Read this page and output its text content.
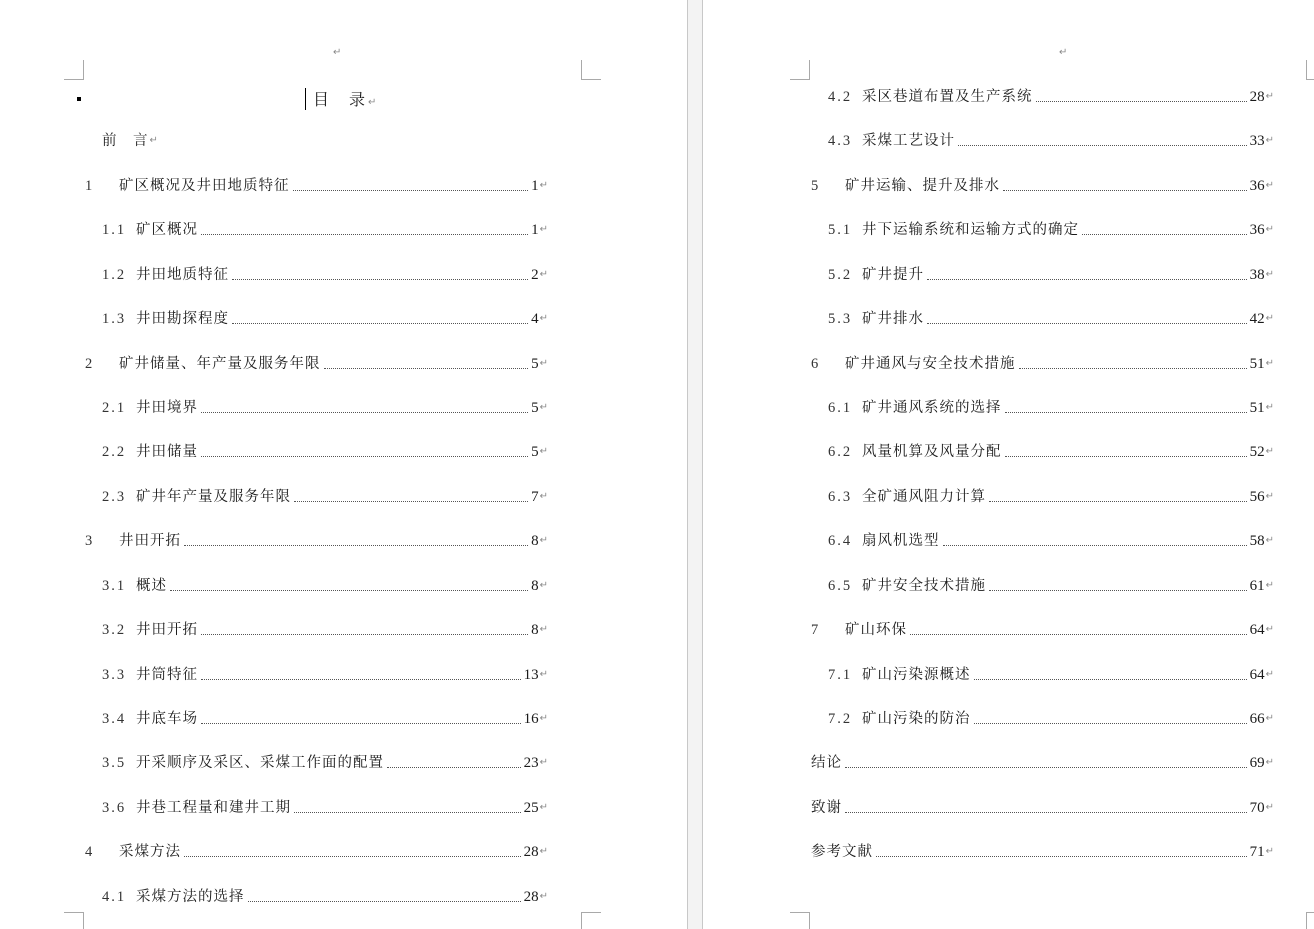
↵
目 录↵
前　言 ↵
1	矿区概况及井田地质特征	1 ↵
1.1 矿区概况	1 ↵
1.2 井田地质特征	2 ↵
1.3 井田勘探程度	4 ↵
2	矿井储量、年产量及服务年限	5 ↵
2.1 井田境界	5 ↵
2.2 井田储量	5 ↵
2.3 矿井年产量及服务年限	7 ↵
3	井田开拓	8 ↵
3.1 概述	8 ↵
3.2 井田开拓	8 ↵
3.3 井筒特征	13 ↵
3.4 井底车场	16 ↵
3.5 开采顺序及采区、采煤工作面的配置	23 ↵
3.6 井巷工程量和建井工期	25 ↵
4	采煤方法	28 ↵
4.1 采煤方法的选择	28 ↵
↵
4.2 采区巷道布置及生产系统	28 ↵
4.3 采煤工艺设计	33 ↵
5	矿井运输、提升及排水	36 ↵
5.1 井下运输系统和运输方式的确定	36 ↵
5.2 矿井提升	38 ↵
5.3 矿井排水	42 ↵
6	矿井通风与安全技术措施	51 ↵
6.1 矿井通风系统的选择	51 ↵
6.2 风量机算及风量分配	52 ↵
6.3 全矿通风阻力计算	56 ↵
6.4 扇风机选型	58 ↵
6.5 矿井安全技术措施	61 ↵
7	矿山环保	64 ↵
7.1 矿山污染源概述	64 ↵
7.2 矿山污染的防治	66 ↵
结论	69 ↵
致谢	70 ↵
参考文献	71 ↵
